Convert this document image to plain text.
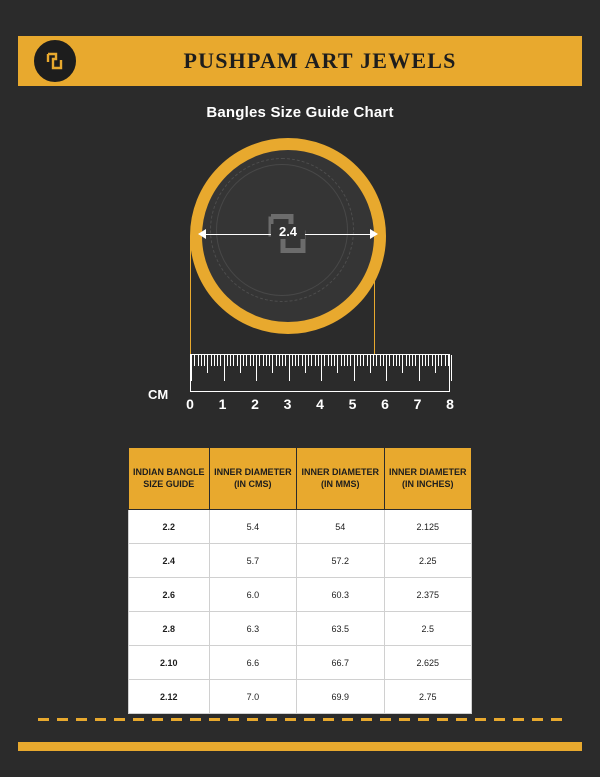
PUSHPAM ART JEWELS
Bangles Size Guide Chart
2.4
CM
0 1 2 3 4 5 6 7 8
INDIAN BANGLE SIZE GUIDE	INNER DIAMETER (IN CMS)	INNER DIAMETER (IN MMS)	INNER DIAMETER (IN INCHES)
2.2	5.4	54	2.125
2.4	5.7	57.2	2.25
2.6	6.0	60.3	2.375
2.8	6.3	63.5	2.5
2.10	6.6	66.7	2.625
2.12	7.0	69.9	2.75
